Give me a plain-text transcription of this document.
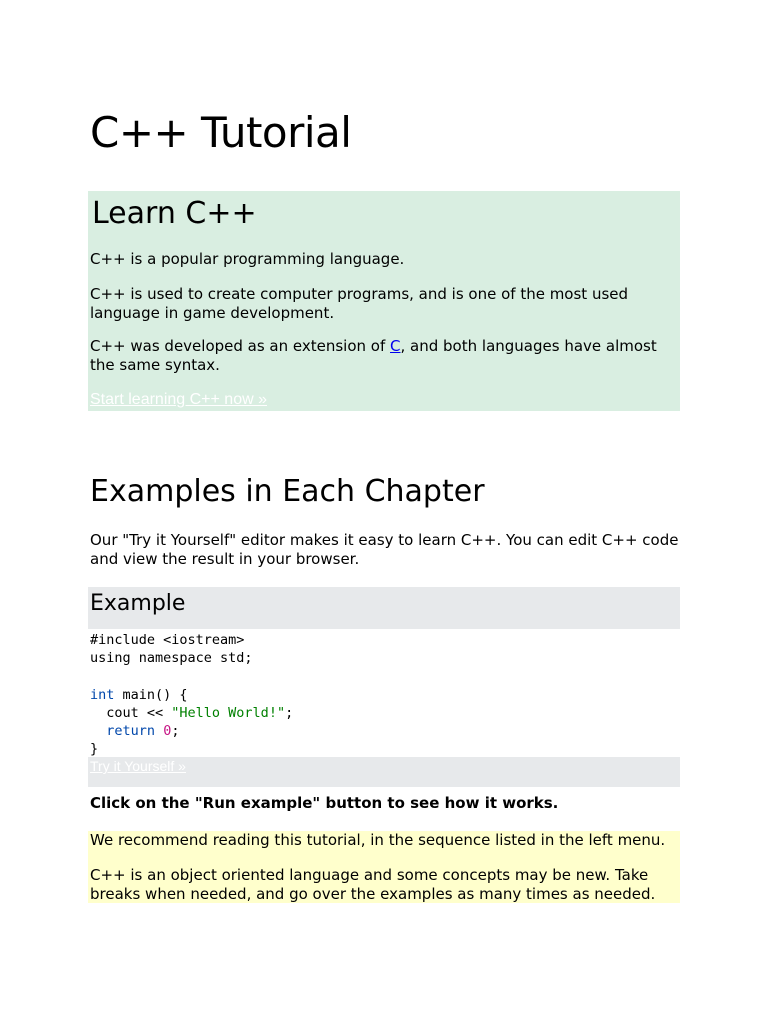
C++ Tutorial
Learn C++

C++ is a popular programming language.

C++ is used to create computer programs, and is one of the most used language in game development.

C++ was developed as an extension of C, and both languages have almost the same syntax.

Start learning C++ now »
Examples in Each Chapter

Our "Try it Yourself" editor makes it easy to learn C++. You can edit C++ code and view the result in your browser.

Example
#include <iostream>
using namespace std;

int main() {
cout << "Hello World!";
return 0;
}
Try it Yourself »

Click on the "Run example" button to see how it works.

We recommend reading this tutorial, in the sequence listed in the left menu.

C++ is an object oriented language and some concepts may be new. Take breaks when needed, and go over the examples as many times as needed.
